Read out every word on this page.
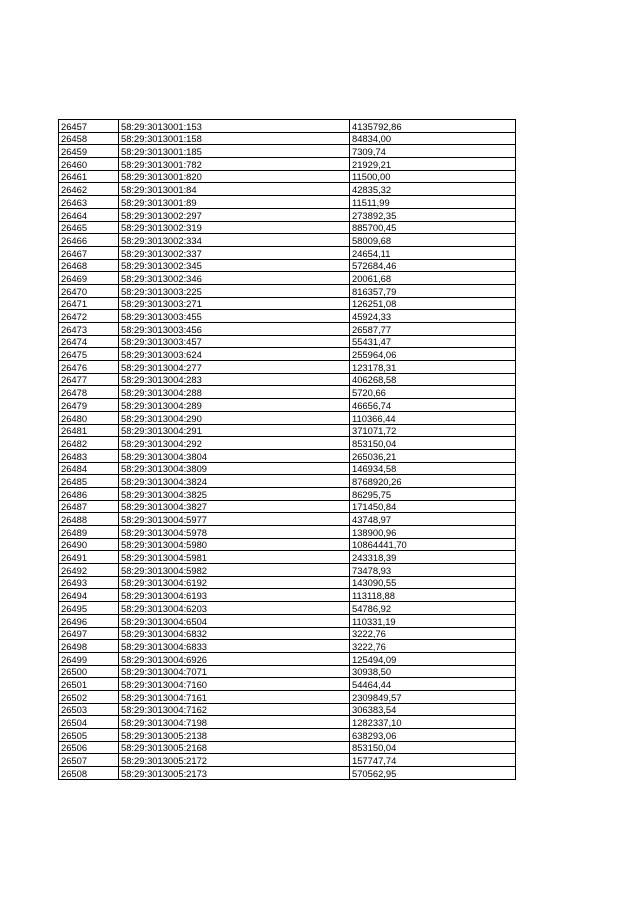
26457	58:29:3013001:153	4135792,86
26458	58:29:3013001:158	84834,00
26459	58:29:3013001:185	7309,74
26460	58:29:3013001:782	21929,21
26461	58:29:3013001:820	11500,00
26462	58:29:3013001:84	42835,32
26463	58:29:3013001:89	11511,99
26464	58:29:3013002:297	273892,35
26465	58:29:3013002:319	885700,45
26466	58:29:3013002:334	58009,68
26467	58:29:3013002:337	24654,11
26468	58:29:3013002:345	572684,46
26469	58:29:3013002:346	20061,68
26470	58:29:3013003:225	816357,79
26471	58:29:3013003:271	126251,08
26472	58:29:3013003:455	45924,33
26473	58:29:3013003:456	26587,77
26474	58:29:3013003:457	55431,47
26475	58:29:3013003:624	255964,06
26476	58:29:3013004:277	123178,31
26477	58:29:3013004:283	406268,58
26478	58:29:3013004:288	5720,66
26479	58:29:3013004:289	46656,74
26480	58:29:3013004:290	110366,44
26481	58:29:3013004:291	371071,72
26482	58:29:3013004:292	853150,04
26483	58:29:3013004:3804	265036,21
26484	58:29:3013004:3809	146934,58
26485	58:29:3013004:3824	8768920,26
26486	58:29:3013004:3825	86295,75
26487	58:29:3013004:3827	171450,84
26488	58:29:3013004:5977	43748,97
26489	58:29:3013004:5978	138900,96
26490	58:29:3013004:5980	10864441,70
26491	58:29:3013004:5981	243318,39
26492	58:29:3013004:5982	73478,93
26493	58:29:3013004:6192	143090,55
26494	58:29:3013004:6193	113118,88
26495	58:29:3013004:6203	54786,92
26496	58:29:3013004:6504	110331,19
26497	58:29:3013004:6832	3222,76
26498	58:29:3013004:6833	3222,76
26499	58:29:3013004:6926	125494,09
26500	58:29:3013004:7071	30938,50
26501	58:29:3013004:7160	54464,44
26502	58:29:3013004:7161	2309849,57
26503	58:29:3013004:7162	306383,54
26504	58:29:3013004:7198	1282337,10
26505	58:29:3013005:2138	638293,06
26506	58:29:3013005:2168	853150,04
26507	58:29:3013005:2172	157747,74
26508	58:29:3013005:2173	570562,95
